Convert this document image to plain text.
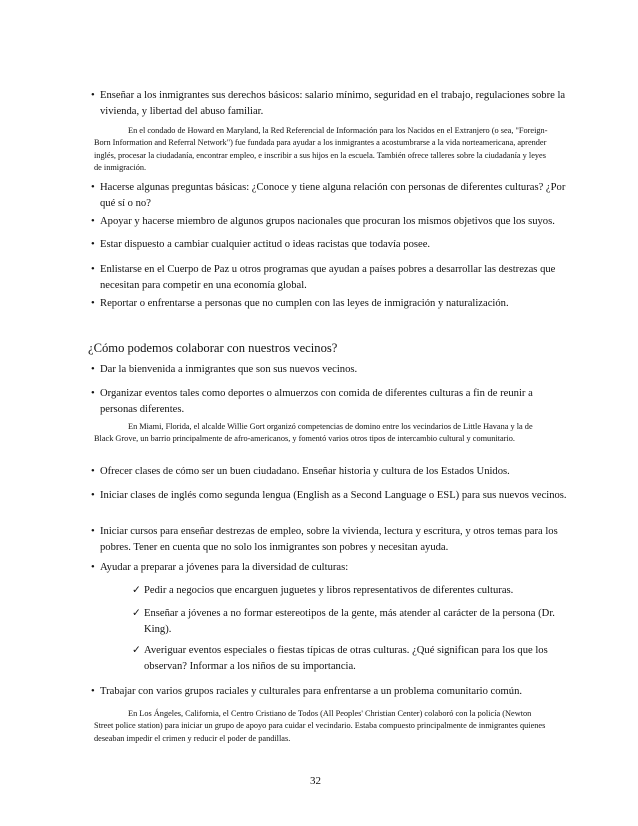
• Enseñar a los inmigrantes sus derechos básicos: salario mínimo, seguridad en el trabajo, regulaciones sobre la vivienda, y libertad del abuso familiar.
En el condado de Howard en Maryland, la Red Referencial de Información para los Nacidos en el Extranjero (o sea, "Foreign-Born Information and Referral Network") fue fundada para ayudar a los inmigrantes a acostumbrarse a la vida norteamericana, aprender inglés, procesar la ciudadanía, encontrar empleo, e inscribir a sus hijos en la escuela. También ofrece talleres sobre la ciudadanía y leyes de inmigración.
• Hacerse algunas preguntas básicas: ¿Conoce y tiene alguna relación con personas de diferentes culturas? ¿Por qué sí o no?
• Apoyar y hacerse miembro de algunos grupos nacionales que procuran los mismos objetivos que los suyos.
• Estar dispuesto a cambiar cualquier actitud o ideas racistas que todavía posee.
• Enlistarse en el Cuerpo de Paz u otros programas que ayudan a países pobres a desarrollar las destrezas que necesitan para competir en una economía global.
• Reportar o enfrentarse a personas que no cumplen con las leyes de inmigración y naturalización.
¿Cómo podemos colaborar con nuestros vecinos?
• Dar la bienvenida a inmigrantes que son sus nuevos vecinos.
• Organizar eventos tales como deportes o almuerzos con comida de diferentes culturas a fin de reunir a personas diferentes.
En Miami, Florida, el alcalde Willie Gort organizó competencias de domino entre los vecindarios de Little Havana y la de Black Grove, un barrio principalmente de afro-americanos, y fomentó varios otros tipos de intercambio cultural y comunitario.
• Ofrecer clases de cómo ser un buen ciudadano. Enseñar historia y cultura de los Estados Unidos.
• Iniciar clases de inglés como segunda lengua (English as a Second Language o ESL) para sus nuevos vecinos.
• Iniciar cursos para enseñar destrezas de empleo, sobre la vivienda, lectura y escritura, y otros temas para los pobres. Tener en cuenta que no solo los inmigrantes son pobres y necesitan ayuda.
• Ayudar a preparar a jóvenes para la diversidad de culturas:
✓ Pedir a negocios que encarguen juguetes y libros representativos de diferentes culturas.
✓ Enseñar a jóvenes a no formar estereotipos de la gente, más atender al carácter de la persona (Dr. King).
✓ Averiguar eventos especiales o fiestas típicas de otras culturas. ¿Qué significan para los que los observan? Informar a los niños de su importancia.
• Trabajar con varios grupos raciales y culturales para enfrentarse a un problema comunitario común.
En Los Ángeles, California, el Centro Cristiano de Todos (All Peoples' Christian Center) colaboró con la policía (Newton Street police station) para iniciar un grupo de apoyo para cuidar el vecindario. Estaba compuesto principalmente de inmigrantes quienes deseaban impedir el crimen y reducir el poder de pandillas.
32
